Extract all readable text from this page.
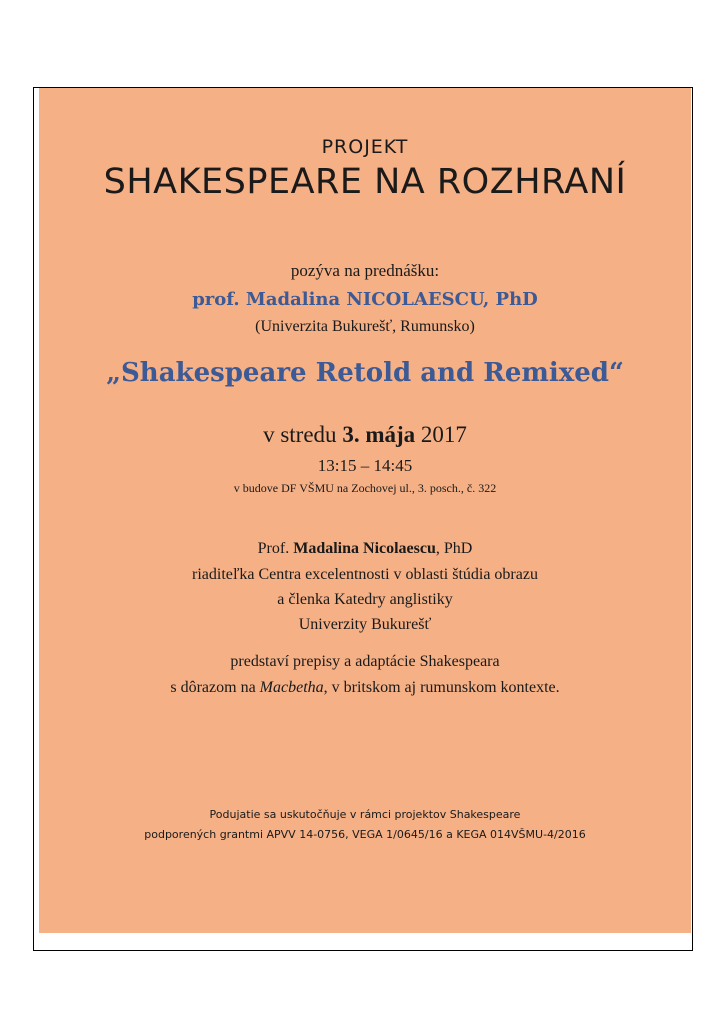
PROJEKT
SHAKESPEARE NA ROZHRANÍ
pozýva na prednášku:
prof. Madalina NICOLAESCU, PhD
(Univerzita Bukurešť, Rumunsko)
„Shakespeare Retold and Remixed“
v stredu 3. mája 2017
13:15 – 14:45
v budove DF VŠMU na Zochovej ul., 3. posch., č. 322
Prof. Madalina Nicolaescu, PhD
riaditeľka Centra excelentnosti v oblasti štúdia obrazu
a členka Katedry anglistiky
Univerzity Bukurešť
predstaví prepisy a adaptácie Shakespeara
s dôrazom na Macbetha, v britskom aj rumunskom kontexte.
Podujatie sa uskutočňuje v rámci projektov Shakespeare
podporených grantmi APVV 14-0756, VEGA 1/0645/16 a KEGA 014VŠMU-4/2016
